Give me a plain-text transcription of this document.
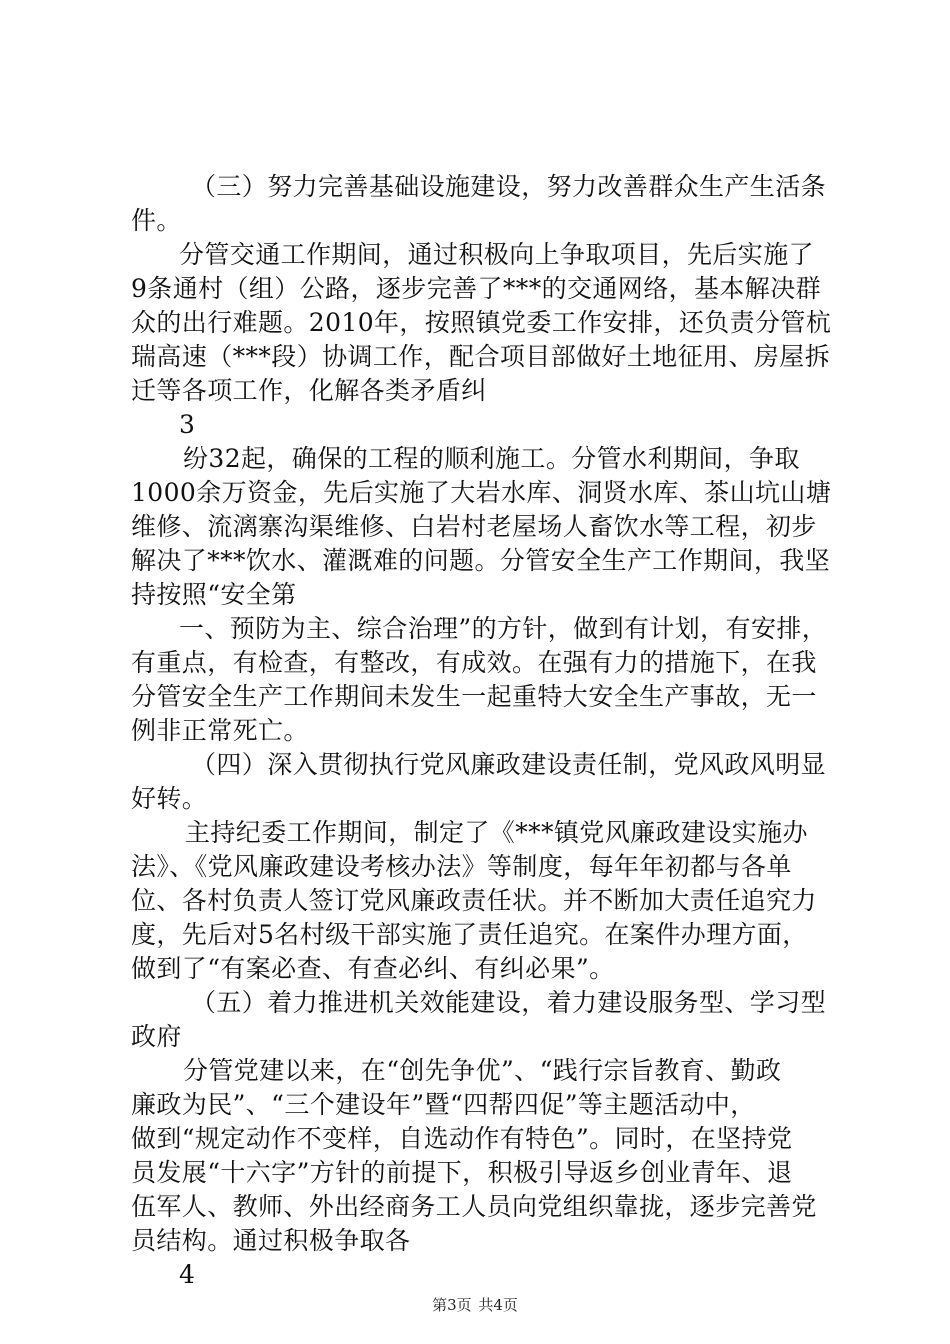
（三）努力完善基础设施建设，努力改善群众生产生活条

件。

分管交通工作期间，通过积极向上争取项目，先后实施了

9条通村（组）公路，逐步完善了***的交通网络，基本解决群

众的出行难题。2010年，按照镇党委工作安排，还负责分管杭

瑞高速（***段）协调工作，配合项目部做好土地征用、房屋拆

迁等各项工作，化解各类矛盾纠

3

纷32起，确保的工程的顺利施工。分管水利期间，争取

1000余万资金，先后实施了大岩水库、洞贤水库、茶山坑山塘

维修、流漓寨沟渠维修、白岩村老屋场人畜饮水等工程，初步

解决了***饮水、灌溉难的问题。分管安全生产工作期间，我坚

持按照“安全第

一、预防为主、综合治理”的方针，做到有计划，有安排，

有重点，有检查，有整改，有成效。在强有力的措施下，在我

分管安全生产工作期间未发生一起重特大安全生产事故，无一

例非正常死亡。

（四）深入贯彻执行党风廉政建设责任制，党风政风明显

好转。

主持纪委工作期间，制定了《***镇党风廉政建设实施办

法》、《党风廉政建设考核办法》等制度，每年年初都与各单

位、各村负责人签订党风廉政责任状。并不断加大责任追究力

度，先后对5名村级干部实施了责任追究。在案件办理方面，

做到了“有案必查、有查必纠、有纠必果”。

（五）着力推进机关效能建设，着力建设服务型、学习型

政府

分管党建以来，在“创先争优”、“践行宗旨教育、勤政

廉政为民”、“三个建设年”暨“四帮四促”等主题活动中，

做到“规定动作不变样，自选动作有特色”。同时，在坚持党

员发展“十六字”方针的前提下，积极引导返乡创业青年、退

伍军人、教师、外出经商务工人员向党组织靠拢，逐步完善党

员结构。通过积极争取各

4

第3页 共4页
